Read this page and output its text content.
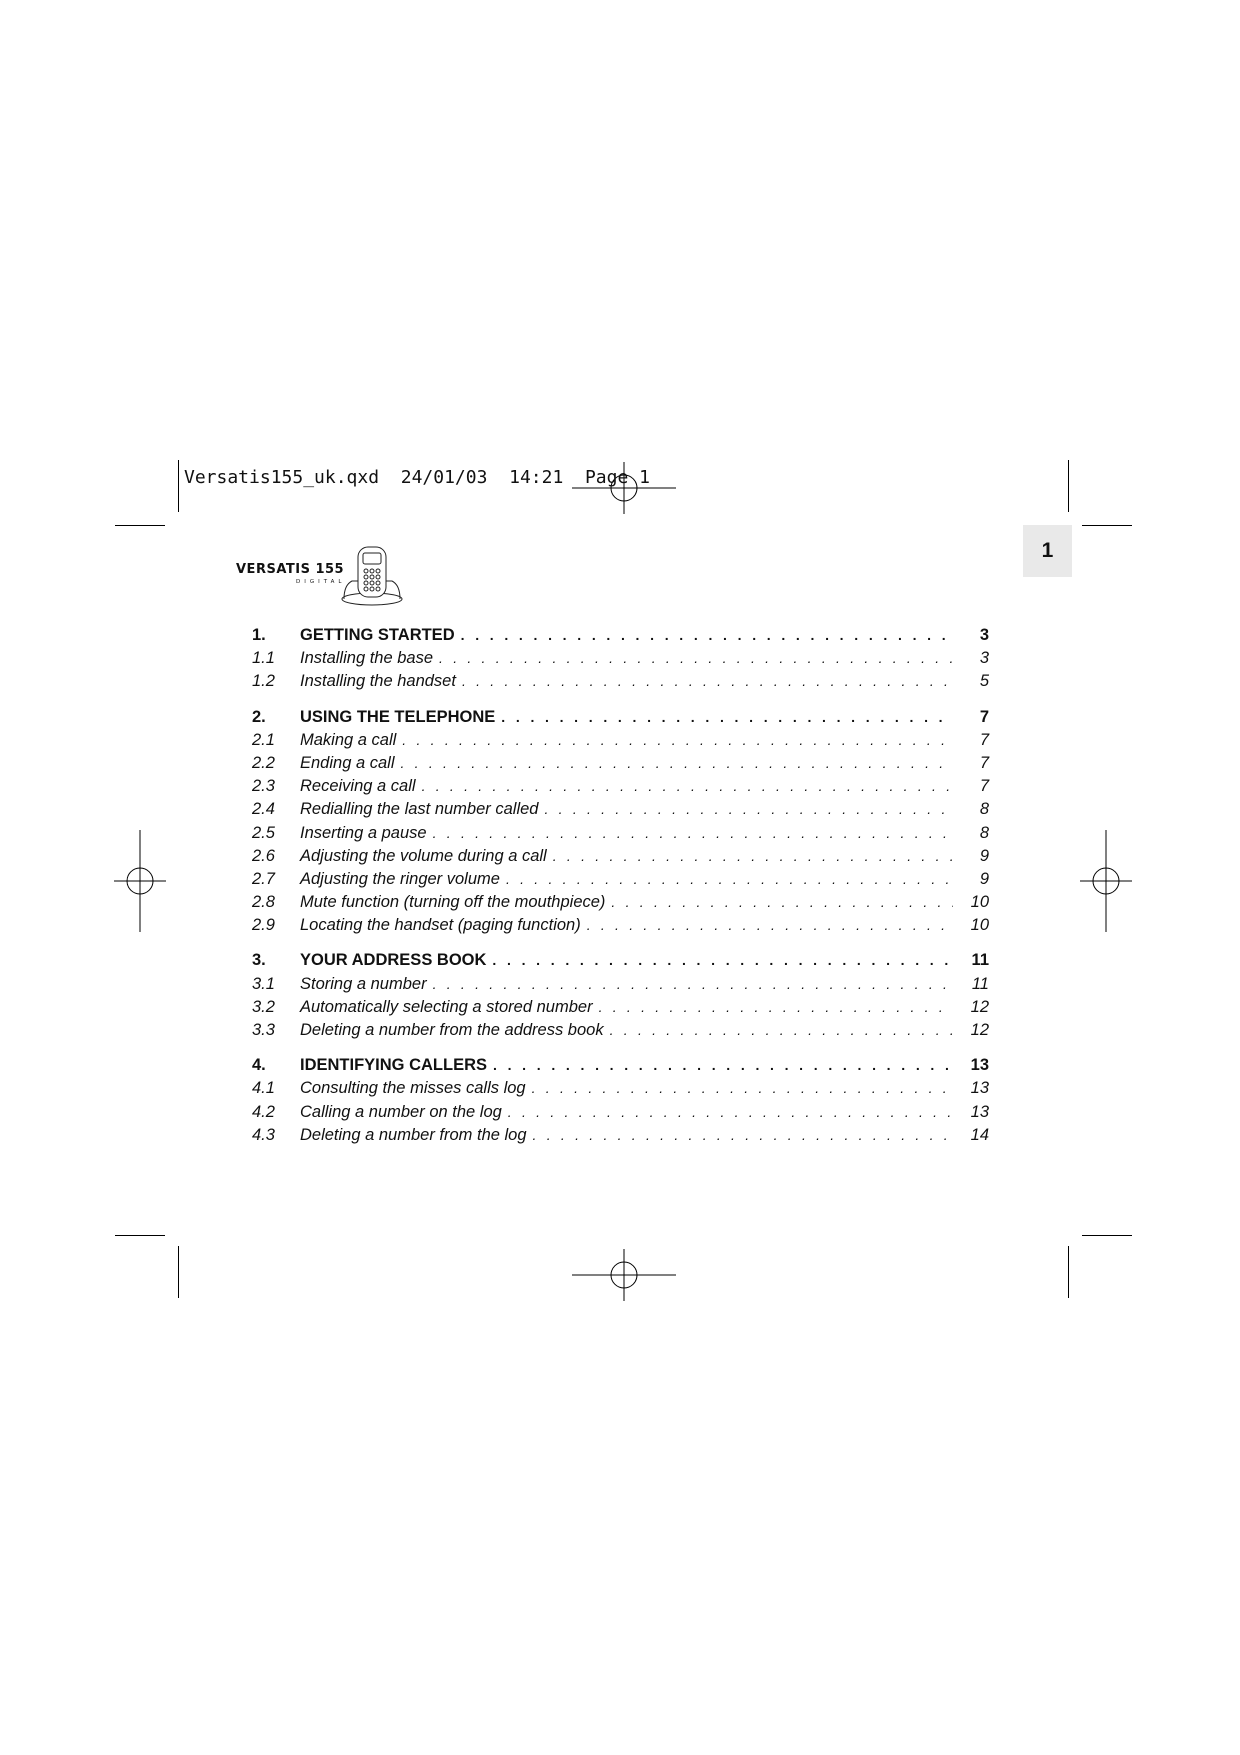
Versatis155_uk.qxd  24/01/03  14:21  Page 1
1
VERSATIS 155
DIGITAL
1.	GETTING STARTED . . .	3
1.1	Installing the base . . .	3
1.2	Installing the handset . . .	5
2.	USING THE TELEPHONE . . .	7
2.1	Making a call . . .	7
2.2	Ending a call . . .	7
2.3	Receiving a call . . .	7
2.4	Redialling the last number called . . .	8
2.5	Inserting a pause . . .	8
2.6	Adjusting the volume during a call . . .	9
2.7	Adjusting the ringer volume . . .	9
2.8	Mute function (turning off the mouthpiece) . . .	10
2.9	Locating the handset (paging function) . . .	10
3.	YOUR ADDRESS BOOK . . .	11
3.1	Storing a number . . .	11
3.2	Automatically selecting a stored number . . .	12
3.3	Deleting a number from the address book . . .	12
4.	IDENTIFYING CALLERS . . .	13
4.1	Consulting the misses calls log . . .	13
4.2	Calling a number on the log . . .	13
4.3	Deleting a number from the log . . .	14
